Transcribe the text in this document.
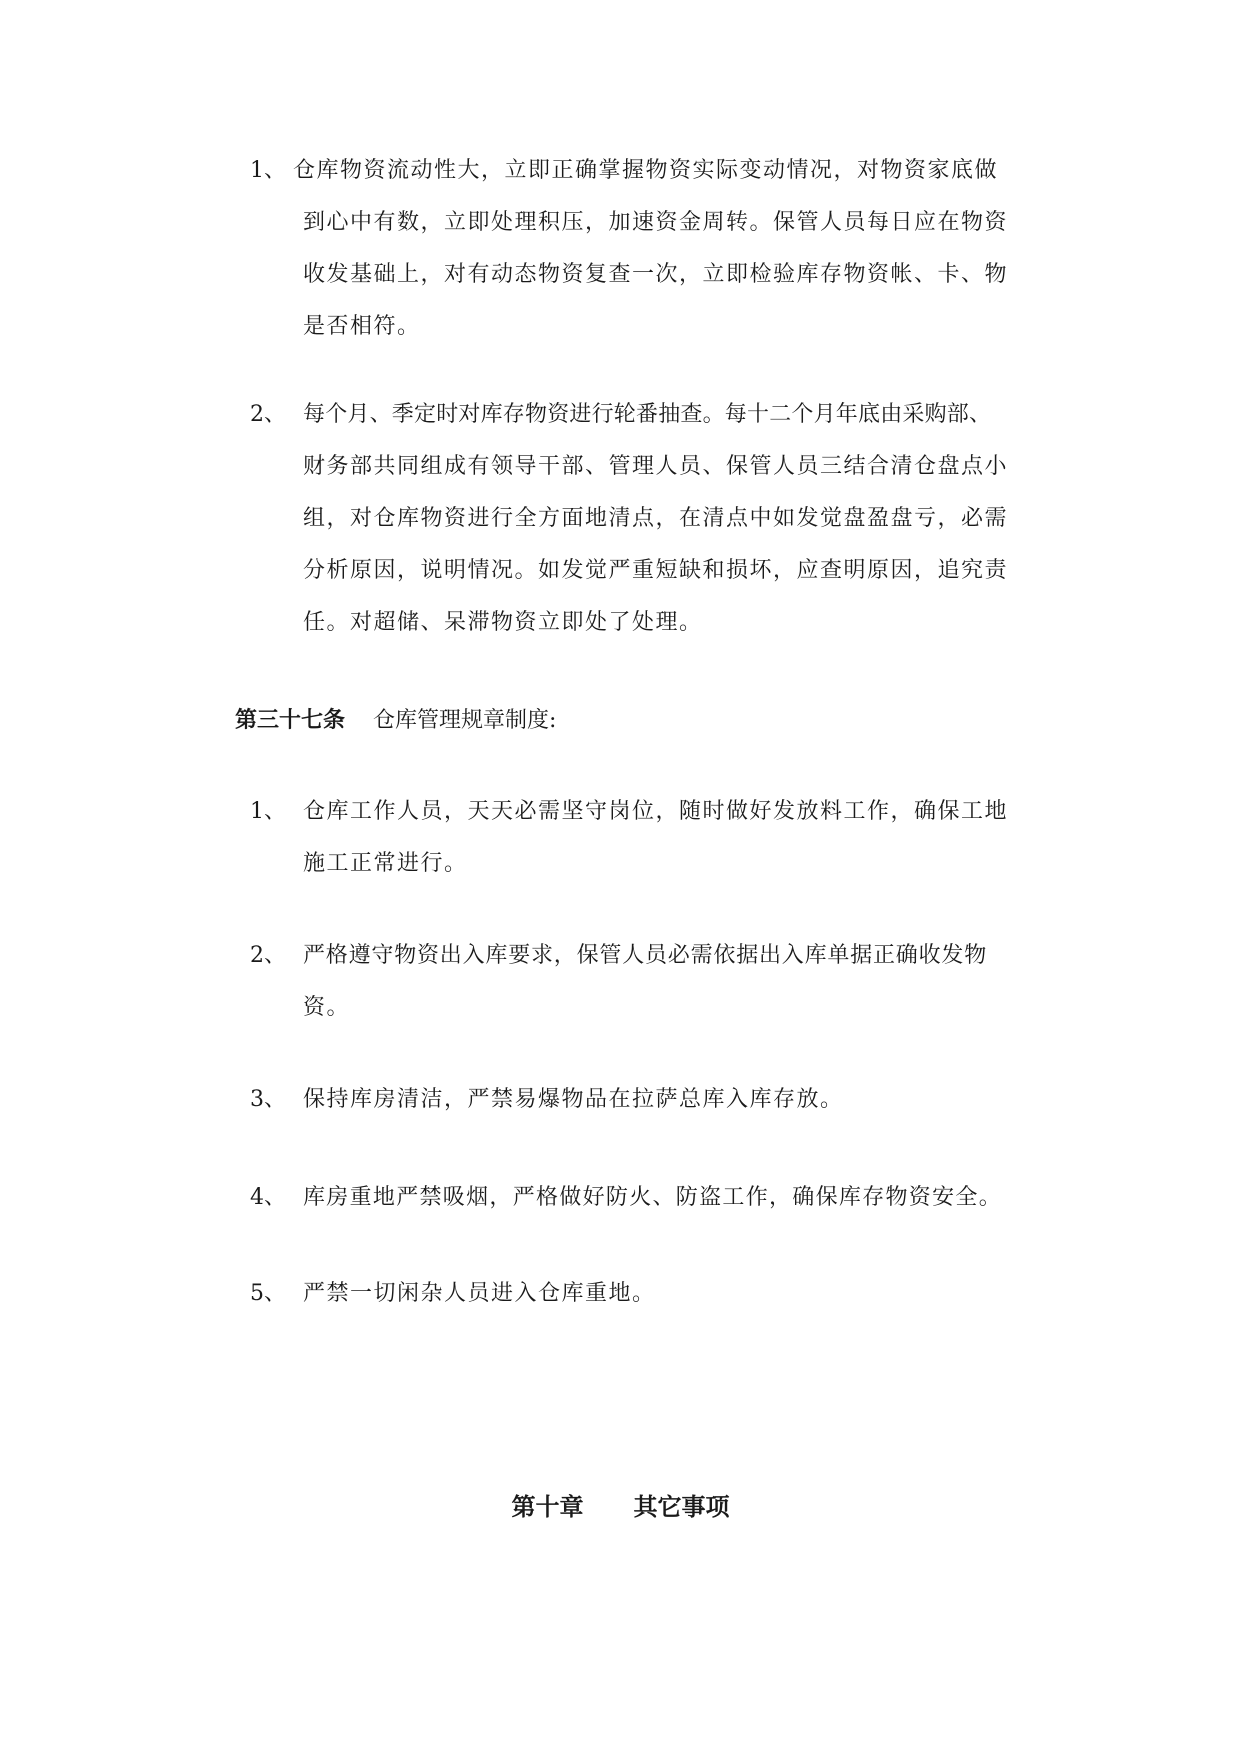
1、 仓库物资流动性大，立即正确掌握物资实际变动情况，对物资家底做
到心中有数，立即处理积压，加速资金周转。保管人员每日应在物资
收发基础上，对有动态物资复查一次，立即检验库存物资帐、卡、物
是否相符。
2、 每个月、季定时对库存物资进行轮番抽查。每十二个月年底由采购部、
财务部共同组成有领导干部、管理人员、保管人员三结合清仓盘点小
组，对仓库物资进行全方面地清点，在清点中如发觉盘盈盘亏，必需
分析原因，说明情况。如发觉严重短缺和损坏，应查明原因，追究责
任。对超储、呆滞物资立即处了处理。
第三十七条 仓库管理规章制度:
1、 仓库工作人员，天天必需坚守岗位，随时做好发放料工作，确保工地
施工正常进行。
2、 严格遵守物资出入库要求，保管人员必需依据出入库单据正确收发物
资。
3、 保持库房清洁，严禁易爆物品在拉萨总库入库存放。
4、 库房重地严禁吸烟，严格做好防火、防盗工作，确保库存物资安全。
5、 严禁一切闲杂人员进入仓库重地。
第十章 其它事项
